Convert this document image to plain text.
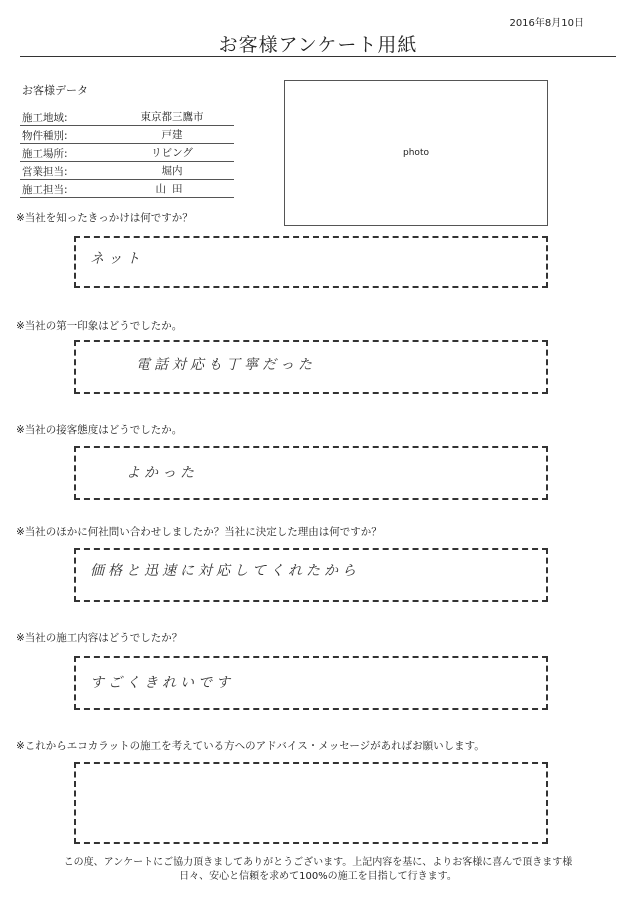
2016年8月10日
お客様アンケート用紙
お客様データ
施工地域:	東京都三鷹市
物件種別:	戸建
施工場所:	リビング
営業担当:	堀内
施工担当:	山田
photo
※当社を知ったきっかけは何ですか？
ネット
※当社の第一印象はどうでしたか。
電話対応も丁寧だった
※当社の接客態度はどうでしたか。
よかった
※当社のほかに何社問い合わせしましたか？当社に決定した理由は何ですか？
価格と迅速に対応してくれたから
※当社の施工内容はどうでしたか？
すごくきれいです
※これからエコカラットの施工を考えている方へのアドバイス・メッセージがあればお願いします。
この度、アンケートにご協力頂きましてありがとうございます。上記内容を基に、よりお客様に喜んで頂きます様
日々、安心と信頼を求めて100%の施工を目指して行きます。
